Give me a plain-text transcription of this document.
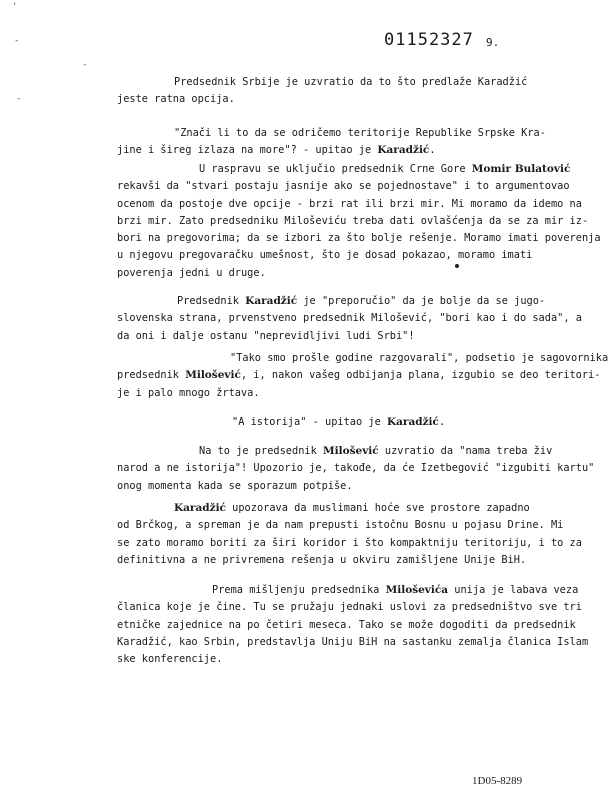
01152327 9.
'
-
-
-
Predsednik Srbije je uzvratio da to što predlaže Karadžić
jeste ratna opcija.
"Znači li to da se odričemo teritorije Republike Srpske Kra-
jine i šireg izlaza na more"? - upitao je Karadžić.
U raspravu se uključio predsednik Crne Gore Momir Bulatović
rekavši da "stvari postaju jasnije ako se pojednostave" i to argumentovao
ocenom da postoje dve opcije - brzi rat ili brzi mir. Mi moramo da idemo na
brzi mir. Zato predsedniku Miloševiću treba dati ovlašćenja da se za mir iz-
bori na pregovorima; da se izbori za što bolje rešenje. Moramo imati poverenja
u njegovu pregovaračku umešnost, što je dosad pokazao, moramo imati
poverenja jedni u druge.
Predsednik Karadžić je "preporučio" da je bolje da se jugo-
slovenska strana, prvenstveno predsednik Milošević, "bori kao i do sada", a
da oni i dalje ostanu "neprevidljivi ludi Srbi"!
"Tako smo prošle godine razgovarali", podsetio je sagovornika
predsednik Milošević, i, nakon vašeg odbijanja plana, izgubio se deo teritori-
je i palo mnogo žrtava.
"A istorija" - upitao je Karadžić.
Na to je predsednik Milošević uzvratio da "nama treba živ
narod a ne istorija"! Upozorio je, takođe, da će Izetbegović "izgubiti kartu"
onog momenta kada se sporazum potpiše.
Karadžić upozorava da muslimani hoće sve prostore zapadno
od Brčkog, a spreman je da nam prepusti istočnu Bosnu u pojasu Drine. Mi
se zato moramo boriti za širi koridor i što kompaktniju teritoriju, i to za
definitivna a ne privremena rešenja u okviru zamišljene Unije BiH.
Prema mišljenju predsednika Miloševića unija je labava veza
članica koje je čine. Tu se pružaju jednaki uslovi za predsedništvo sve tri
etničke zajednice na po četiri meseca. Tako se može dogoditi da predsednik
Karadžić, kao Srbin, predstavlja Uniju BiH na sastanku zemalja članica Islam
ske konferencije.
1D05-8289
